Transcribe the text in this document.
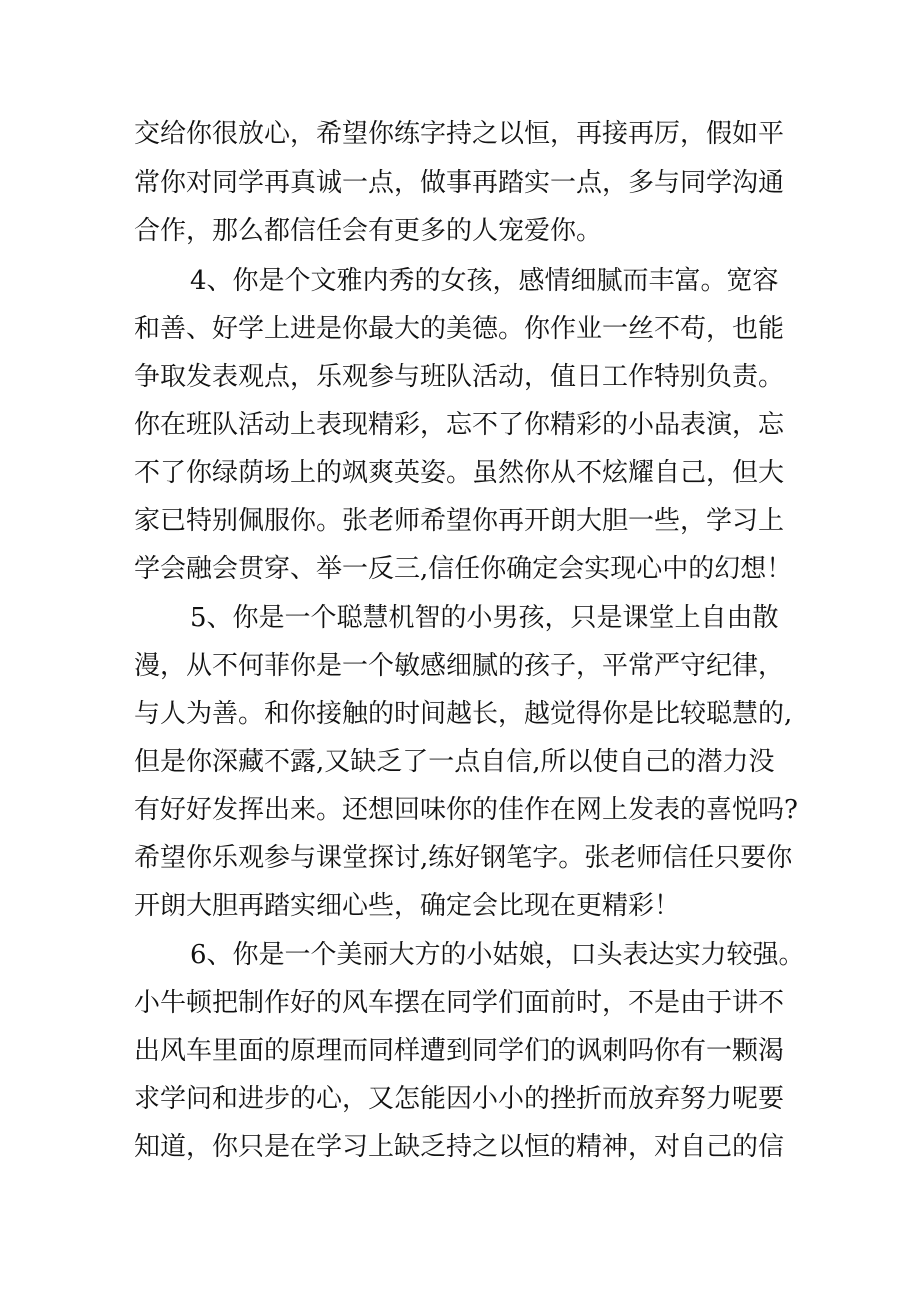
交给你很放心，希望你练字持之以恒，再接再厉，假如平
常你对同学再真诚一点，做事再踏实一点，多与同学沟通
合作，那么都信任会有更多的人宠爱你。
4、你是个文雅内秀的女孩，感情细腻而丰富。宽容
和善、好学上进是你最大的美德。你作业一丝不苟，也能
争取发表观点，乐观参与班队活动，值日工作特别负责。
你在班队活动上表现精彩，忘不了你精彩的小品表演，忘
不了你绿荫场上的飒爽英姿。虽然你从不炫耀自己，但大
家已特别佩服你。张老师希望你再开朗大胆一些，学习上
学会融会贯穿、举一反三,信任你确定会实现心中的幻想！
5、你是一个聪慧机智的小男孩，只是课堂上自由散
漫，从不何菲你是一个敏感细腻的孩子，平常严守纪律，
与人为善。和你接触的时间越长，越觉得你是比较聪慧的,
但是你深藏不露,又缺乏了一点自信,所以使自己的潜力没
有好好发挥出来。还想回味你的佳作在网上发表的喜悦吗?
希望你乐观参与课堂探讨,练好钢笔字。张老师信任只要你
开朗大胆再踏实细心些，确定会比现在更精彩！
6、你是一个美丽大方的小姑娘，口头表达实力较强。
小牛顿把制作好的风车摆在同学们面前时，不是由于讲不
出风车里面的原理而同样遭到同学们的讽刺吗你有一颗渴
求学问和进步的心，又怎能因小小的挫折而放弃努力呢要
知道，你只是在学习上缺乏持之以恒的精神，对自己的信
